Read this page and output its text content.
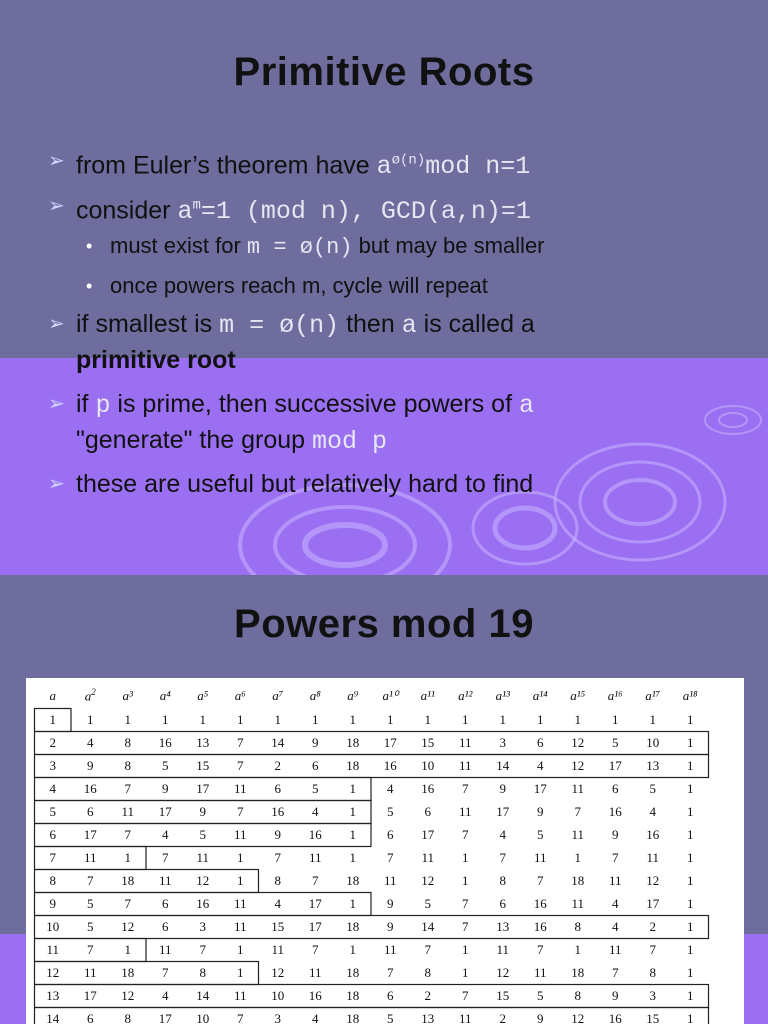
Primitive Roots
➢ from Euler’s theorem have $a^{ø(n)}mod$ n=1
➢ consider $a^m=1$ (mod n), GCD(a,n)=1
• must exist for m = ø(n) but may be smaller
• once powers reach m, cycle will repeat
➢ if smallest is m = ø(n) then a is called a
primitive root
➢ if p is prime, then successive powers of a
"generate" the group mod p
➢ these are useful but relatively hard to find
Powers mod 19
a	$a^2$	a³	a⁴	a⁵	a⁶	a⁷	a⁸	a⁹	a¹⁰	a¹¹	a¹²	a¹³	a¹⁴	a¹⁵	a¹⁶	a¹⁷	a¹⁸
1	1	1	1	1	1	1	1	1	1	1	1	1	1	1	1	1	1
2	4	8	16	13	7	14	9	18	17	15	11	3	6	12	5	10	1
3	9	8	5	15	7	2	6	18	16	10	11	14	4	12	17	13	1
4	16	7	9	17	11	6	5	1	4	16	7	9	17	11	6	5	1
5	6	11	17	9	7	16	4	1	5	6	11	17	9	7	16	4	1
6	17	7	4	5	11	9	16	1	6	17	7	4	5	11	9	16	1
7	11	1	7	11	1	7	11	1	7	11	1	7	11	1	7	11	1
8	7	18	11	12	1	8	7	18	11	12	1	8	7	18	11	12	1
9	5	7	6	16	11	4	17	1	9	5	7	6	16	11	4	17	1
10	5	12	6	3	11	15	17	18	9	14	7	13	16	8	4	2	1
11	7	1	11	7	1	11	7	1	11	7	1	11	7	1	11	7	1
12	11	18	7	8	1	12	11	18	7	8	1	12	11	18	7	8	1
13	17	12	4	14	11	10	16	18	6	2	7	15	5	8	9	3	1
14	6	8	17	10	7	3	4	18	5	13	11	2	9	12	16	15	1
